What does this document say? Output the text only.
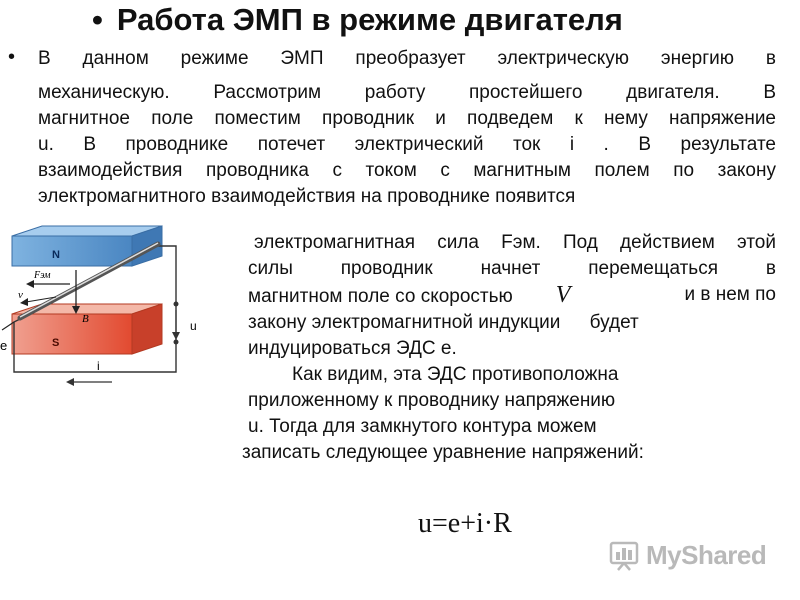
• Работа ЭМП в режиме двигателя
• В данном режиме ЭМП преобразует электрическую энергию в
механическую. Рассмотрим работу простейшего двигателя. В
магнитное поле поместим проводник и подведем к нему напряжение
u. В проводнике потечет электрический ток i . В результате
взаимодействия проводника с током с магнитным полем по закону
электромагнитного взаимодействия на проводнике появится
электромагнитная сила Fэм. Под действием этой
силы проводник начнет перемещаться в
магнитном поле со скоростью V	и в нем по
закону электромагнитной индукции будет
индуцироваться ЭДС е.
Как видим, эта ЭДС противоположна
приложенному к проводнику напряжению
u. Тогда для замкнутого контура можем
записать следующее уравнение напряжений:
u=e+i·R
N
S
B
Fэм
v
e
u
i
MyShared
